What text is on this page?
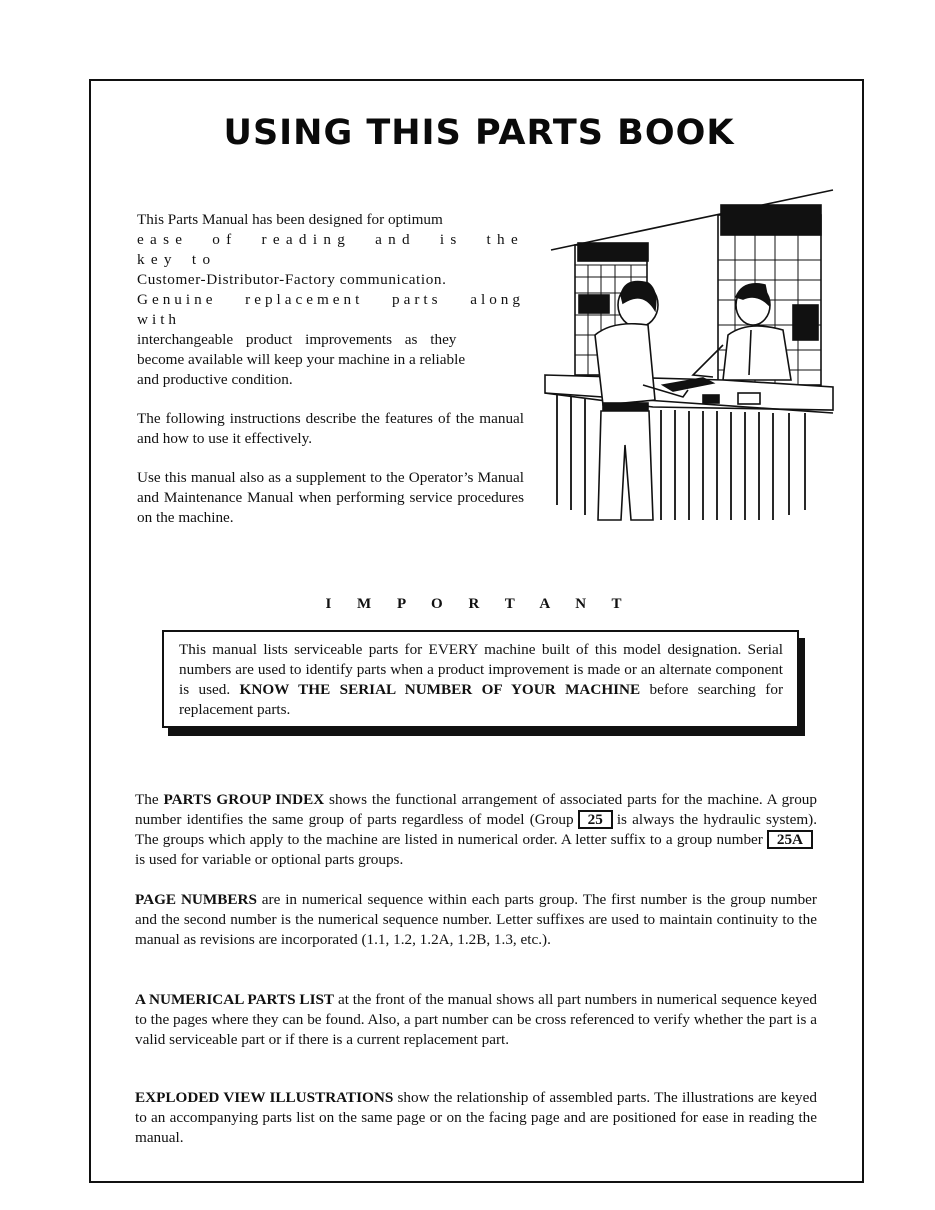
USING THIS PARTS BOOK

This Parts Manual has been designed for optimum
ease of reading and is the key to
Customer-Distributor-Factory communication.
Genuine replacement parts along with
interchangeable product improvements as they
become available will keep your machine in a reliable
and productive condition.

The following instructions describe the features of the manual and how to use it effectively.

Use this manual also as a supplement to the Operator’s Manual and Maintenance Manual when performing service procedures on the machine.

I M P O R T A N T
This manual lists serviceable parts for EVERY machine built of this model designation. Serial numbers are used to identify parts when a product improvement is made or an alternate component is used. KNOW THE SERIAL NUMBER OF YOUR MACHINE before searching for replacement parts.
The PARTS GROUP INDEX shows the functional arrangement of associated parts for the machine. A group number identifies the same group of parts regardless of model (Group 25 is always the hydraulic system). The groups which apply to the machine are listed in numerical order. A letter suffix to a group number 25Ais used for variable or optional parts groups.
PAGE NUMBERS are in numerical sequence within each parts group. The first number is the group number and the second number is the numerical sequence number. Letter suffixes are used to maintain continuity to the manual as revisions are incorporated (1.1, 1.2, 1.2A, 1.2B, 1.3, etc.).
A NUMERICAL PARTS LIST at the front of the manual shows all part numbers in numerical sequence keyed to the pages where they can be found. Also, a part number can be cross referenced to verify whether the part is a valid serviceable part or if there is a current replacement part.
EXPLODED VIEW ILLUSTRATIONS show the relationship of assembled parts. The illustrations are keyed to an accompanying parts list on the same page or on the facing page and are positioned for ease in reading the manual.
